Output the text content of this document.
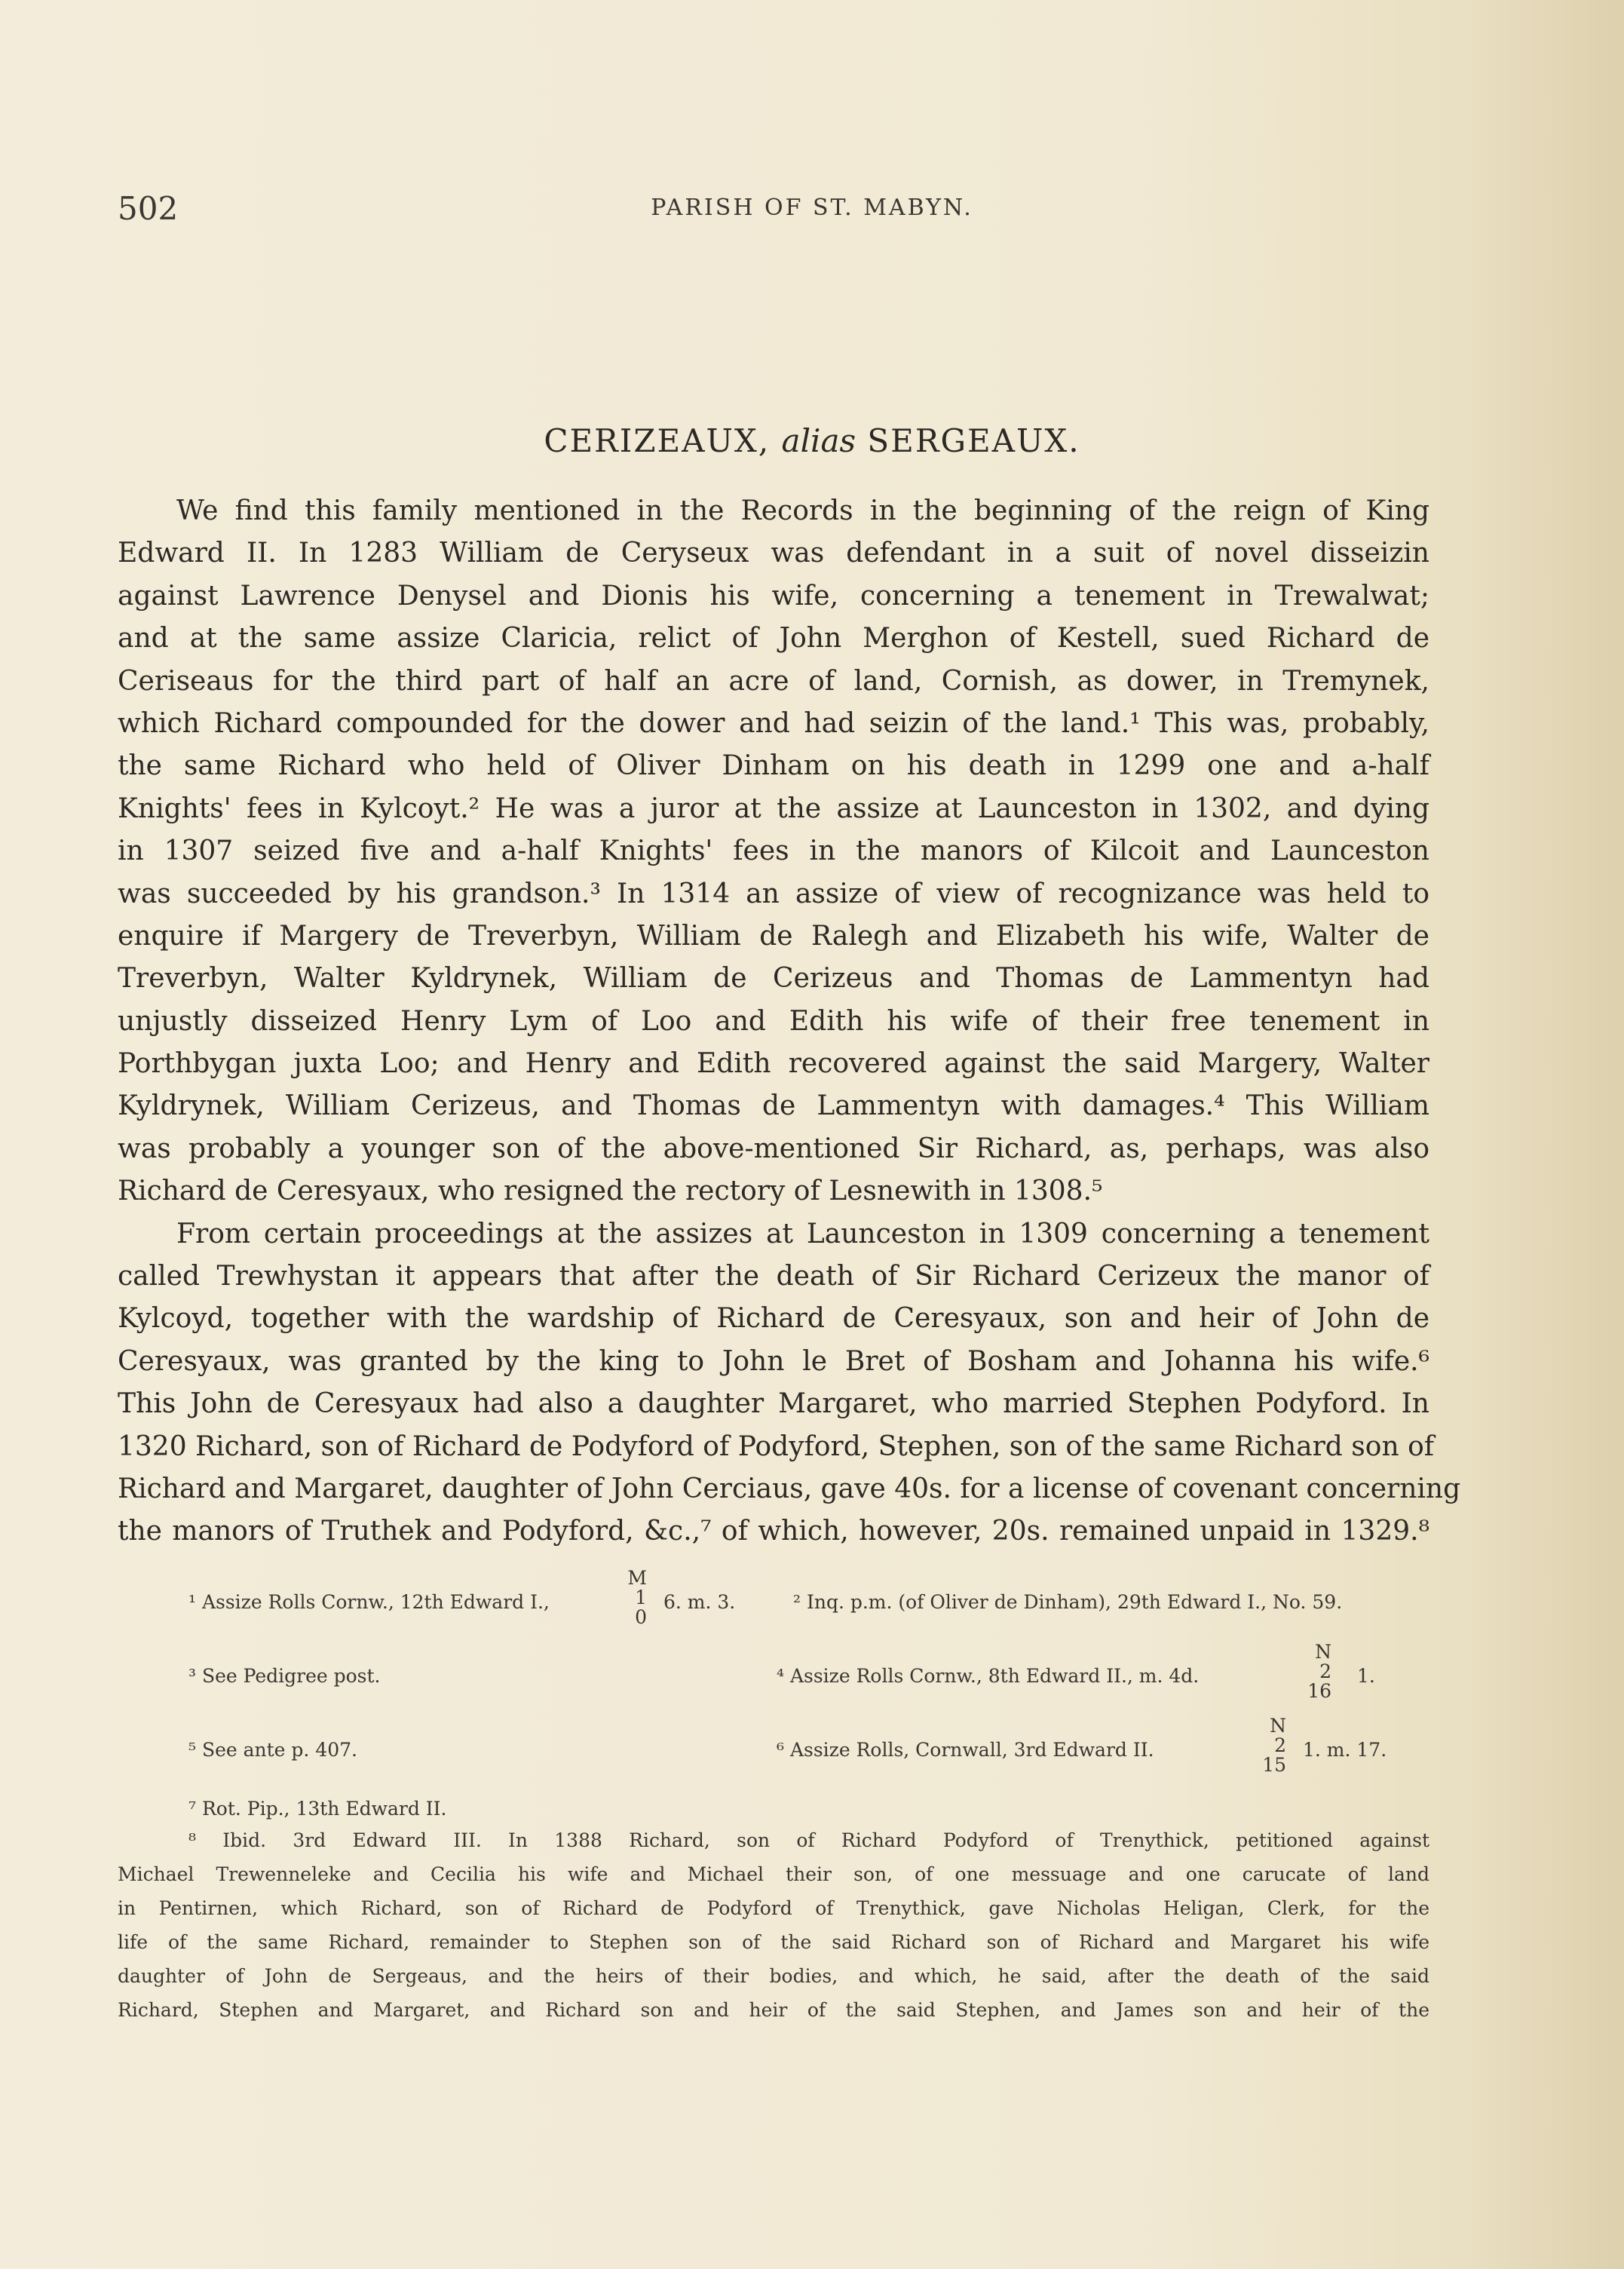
502	PARISH OF ST. MABYN.
CERIZEAUX, alias SERGEAUX.
We find this family mentioned in the Records in the beginning of the reign of King
Edward II. In 1283 William de Ceryseux was defendant in a suit of novel disseizin
against Lawrence Denysel and Dionis his wife, concerning a tenement in Trewalwat;
and at the same assize Claricia, relict of John Merghon of Kestell, sued Richard de
Ceriseaus for the third part of half an acre of land, Cornish, as dower, in Tremynek,
which Richard compounded for the dower and had seizin of the land.¹ This was, probably,
the same Richard who held of Oliver Dinham on his death in 1299 one and a-half
Knights' fees in Kylcoyt.² He was a juror at the assize at Launceston in 1302, and dying
in 1307 seized five and a-half Knights' fees in the manors of Kilcoit and Launceston
was succeeded by his grandson.³ In 1314 an assize of view of recognizance was held to
enquire if Margery de Treverbyn, William de Ralegh and Elizabeth his wife, Walter de
Treverbyn, Walter Kyldrynek, William de Cerizeus and Thomas de Lammentyn had
unjustly disseized Henry Lym of Loo and Edith his wife of their free tenement in
Porthbygan juxta Loo; and Henry and Edith recovered against the said Margery, Walter
Kyldrynek, William Cerizeus, and Thomas de Lammentyn with damages.⁴ This William
was probably a younger son of the above-mentioned Sir Richard, as, perhaps, was also
Richard de Ceresyaux, who resigned the rectory of Lesnewith in 1308.⁵
From certain proceedings at the assizes at Launceston in 1309 concerning a tenement
called Trewhystan it appears that after the death of Sir Richard Cerizeux the manor of
Kylcoyd, together with the wardship of Richard de Ceresyaux, son and heir of John de
Ceresyaux, was granted by the king to John le Bret of Bosham and Johanna his wife.⁶
This John de Ceresyaux had also a daughter Margaret, who married Stephen Podyford. In
1320 Richard, son of Richard de Podyford of Podyford, Stephen, son of the same Richard son of
Richard and Margaret, daughter of John Cerciaus, gave 40s. for a license of covenant concerning
the manors of Truthek and Podyford, &c.,⁷ of which, however, 20s. remained unpaid in 1329.⁸
¹ Assize Rolls Cornw., 12th Edward I.,
M
1
0
6. m. 3.	² Inq. p.m. (of Oliver de Dinham), 29th Edward I., No. 59.
³ See Pedigree post.	⁴ Assize Rolls Cornw., 8th Edward II., m. 4d.
N
2
16
1.
⁵ See ante p. 407.	⁶ Assize Rolls, Cornwall, 3rd Edward II.
N
2
15
1. m. 17.
⁷ Rot. Pip., 13th Edward II.
⁸ Ibid. 3rd Edward III. In 1388 Richard, son of Richard Podyford of Trenythick, petitioned against
Michael Trewenneleke and Cecilia his wife and Michael their son, of one messuage and one carucate of land
in Pentirnen, which Richard, son of Richard de Podyford of Trenythick, gave Nicholas Heligan, Clerk, for the
life of the same Richard, remainder to Stephen son of the said Richard son of Richard and Margaret his wife
daughter of John de Sergeaus, and the heirs of their bodies, and which, he said, after the death of the said
Richard, Stephen and Margaret, and Richard son and heir of the said Stephen, and James son and heir of the
